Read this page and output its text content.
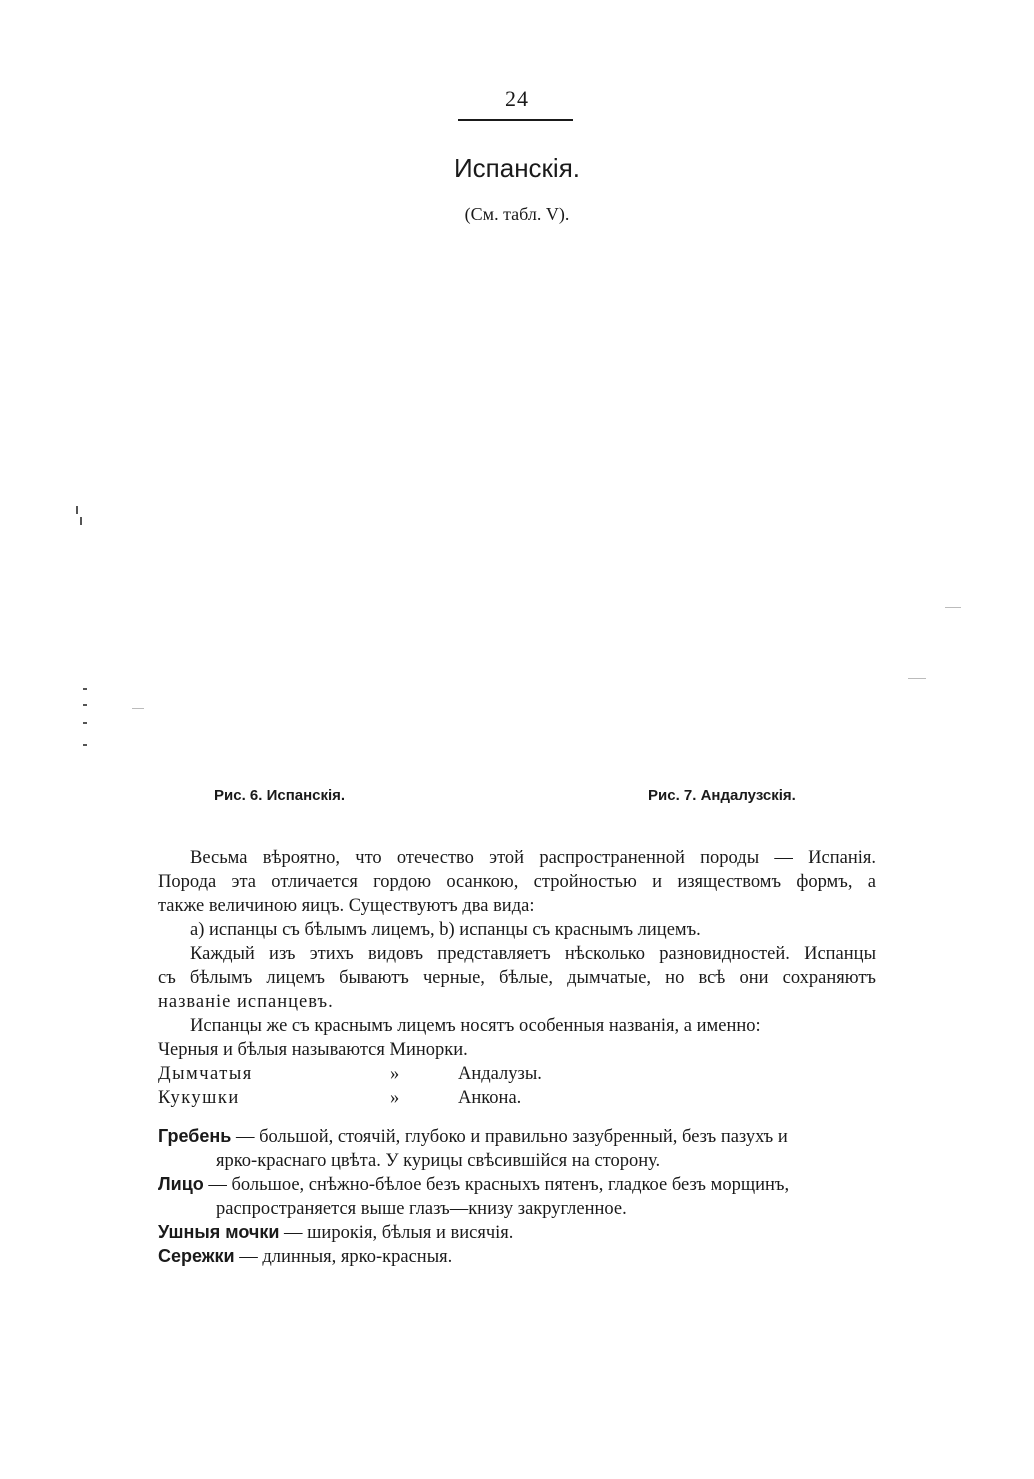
24
Испанскія.
(См. табл. V).
Рис. 6. Испанскія.	Рис. 7. Андалузскія.
Весьма вѣроятно, что отечество этой распространенной породы — Испанія.
Порода эта отличается гордою осанкою, стройностью и изяществомъ формъ, а
также величиною яицъ. Существуютъ два вида:
а) испанцы съ бѣлымъ лицемъ, b) испанцы съ краснымъ лицемъ.
Каждый изъ этихъ видовъ представляетъ нѣсколько разновидностей. Испанцы
съ бѣлымъ лицемъ бываютъ черные, бѣлые, дымчатые, но всѣ они сохраняютъ
названіе испанцевъ.
Испанцы же съ краснымъ лицемъ носятъ особенныя названія, а именно:
Черныя и бѣлыя называются Минорки.
Дымчатыя	»	Андалузы.
Кукушки	»	Анкона.
Гребень — большой, стоячій, глубоко и правильно зазубренный, безъ пазухъ и
ярко-краснаго цвѣта. У курицы свѣсившійся на сторону.
Лицо — большое, снѣжно-бѣлое безъ красныхъ пятенъ, гладкое безъ морщинъ,
распространяется выше глазъ—книзу закругленное.
Ушныя мочки — широкія, бѣлыя и висячія.
Сережки — длинныя, ярко-красныя.
